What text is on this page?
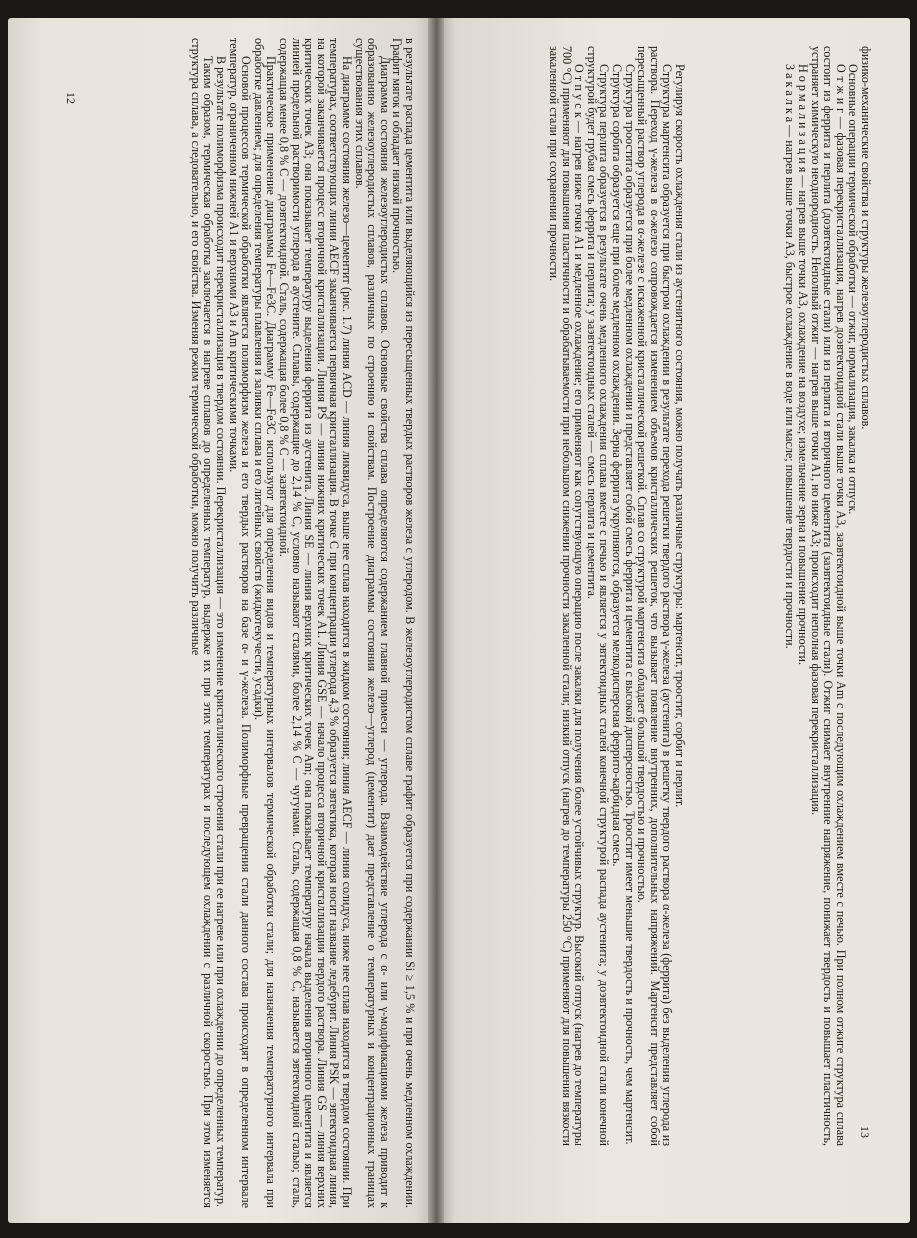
в результате распада цементита или выделяющийся из пересыщенных твердых растворов железа с углеродом. В железоуглеродистом сплаве графит образуется при содержании Si ≥ 1,5 % и при очень медленном охлаждении. Графит мягок и обладает низкой прочностью.

Диаграмма состояния железоуглеродистых сплавов. Основные свойства сплава определяются содержанием главной примеси — углерода. Взаимодействие углерода с α- или γ-модификациями железа приводит к образованию железоуглеродистых сплавов, различных по строению и свойствам. Построение диаграммы состояния железо—углерод (цементит) дает представление о температурных и концентрационных границах существования этих сплавов.

На диаграмме состояния железо—цементит (рис. 1.7) линия ACD — линия ликвидуса, выше нее сплав находится в жидком состоянии; линия AECF — линия солидуса, ниже нее сплав находится в твердом состоянии. При температурах, соответствующих линии AECF заканчивается первичная кристаллизация. В точке C при концентрации углерода 4,3 % образуется эвтектика, которая носит название ледебурит. Линия PSK — эвтектоидная линия, на которой заканчивается процесс вторичной кристаллизации. Линия PS — линия нижних критических точек A1. Линия GSE — начало процесса вторичной кристаллизации твердого раствора. Линия GS — линия верхних критических точек A3; она показывает температуру выделения феррита из аустенита. Линия SE — линия верхних критических точек Am; она показывает температуру начала выделения вторичного цементита и является линией предельной растворимости углерода в аустените. Сплавы, содержащие до 2,14 % C, условно называют сталями, более 2,14 % C — чугунами. Сталь, содержащая 0,8 % C, называется эвтектоидной сталью; сталь, содержащая менее 0,8 % C — доэвтектоидной. Сталь, содержащая более 0,8 % C — заэвтектоидной.

Практическое применение диаграммы Fe—Fe3C. Диаграмму Fe—Fe3C используют для определения видов и температурных интервалов термической обработки стали; для назначения температурного интервала при обработке давлением; для определения температуры плавления и заливки сплава и его литейных свойств (жидкотекучести, усадки).

Основой процессов термической обработки является полиморфизм железа и его твердых растворов на базе α- и γ-железа. Полиморфные превращения стали данного состава происходят в определенном интервале температур, ограниченном нижней A1 и верхними A3 и Am критическими точками.

В результате полиморфизма происходит перекристаллизация в твердом состоянии. Перекристаллизация — это изменение кристаллического строения стали при ее нагреве или при охлаждении до определенных температур.

Таким образом, термическая обработка заключается в нагреве сплавов до определенных температур, выдержке их при этих температурах и последующем охлаждении с различной скоростью. При этом изменяется структура сплава, а следовательно, и его свойства. Изменяя режим термической обработки, можно получить различные

12	физико-механические свойства и структуры железоуглеродистых сплавов.

Основные операции термической обработки — отжиг, нормализация, закалка и отпуск.

О т ж и г — фазовая перекристаллизация, нагрев доэвтектоидной стали выше точки A3, заэвтектоидной выше точки Am с последующим охлаждением вместе с печью. При полном отжиге структура сплава состоит из феррита и перлита (доэвтектоидные стали) или из перлита и вторичного цементита (заэвтектоидные стали). Отжиг снимает внутренние напряжение, понижает твердость и повышает пластичность, устраняет химическую неоднородность. Неполный отжиг — нагрев выше точки A1, но ниже A3; происходит неполная фазовая перекристаллизация.

Н о р м а л и з а ц и я — нагрев выше точки A3, охлаждение на воздухе; измельчение зерна и повышение прочности.

З а к а л к а — нагрев выше точки A3, быстрое охлаждение в воде или масле; повышение твердости и прочности.

Регулируя скорость охлаждения стали из аустенитного состояния, можно получать различные структуры: мартенсит, троостит, сорбит и перлит.

Структура мартенсита образуется при быстром охлаждении в результате перехода решетки твердого раствора γ-железа (аустенита) в решетку твердого раствора α-железа (феррита) без выделения углерода из раствора. Переход γ-железа в α-железо сопровождается изменением объемов кристаллических решеток, что вызывает появление внутренних, дополнительных напряжений. Мартенсит представляет собой пересыщенный раствор углерода в α-железе с искаженной кристаллической решеткой. Сплав со структурой мартенсита обладает большой твердостью и прочностью.

Структура троостита образуется при более медленном охлаждении и представляет собой смесь феррита и цементита с высокой дисперсностью. Троостит имеет меньшие твердость и прочность, чем мартенсит.

Структура сорбита образуется еще при более медленном охлаждении. Зерна феррита укрупняются, образуется мелкодисперсная феррито-карбидная смесь.

Структура перлита образуется в результате очень медленного охлаждения сплава вместе с печью и является у эвтектоидных сталей конечной структурой распада аустенита; у доэвтектоидной стали конечной структурой будет грубая смесь феррита и перлита; у заэвтектоидных сталей — смесь перлита и цементита.

О т п у с к — нагрев ниже точки A1 и медленное охлаждение; его применяют как сопутствующую операцию после закалки для получения более устойчивых структур. Высокий отпуск (нагрев до температуры 700 °C) применяют для повышения пластичности и обрабатываемости при небольшом снижении прочности закаленной стали; низкий отпуск (нагрев до температуры 250 °C) применяют для повышения вязкости закаленной стали при сохранении прочности.

13
